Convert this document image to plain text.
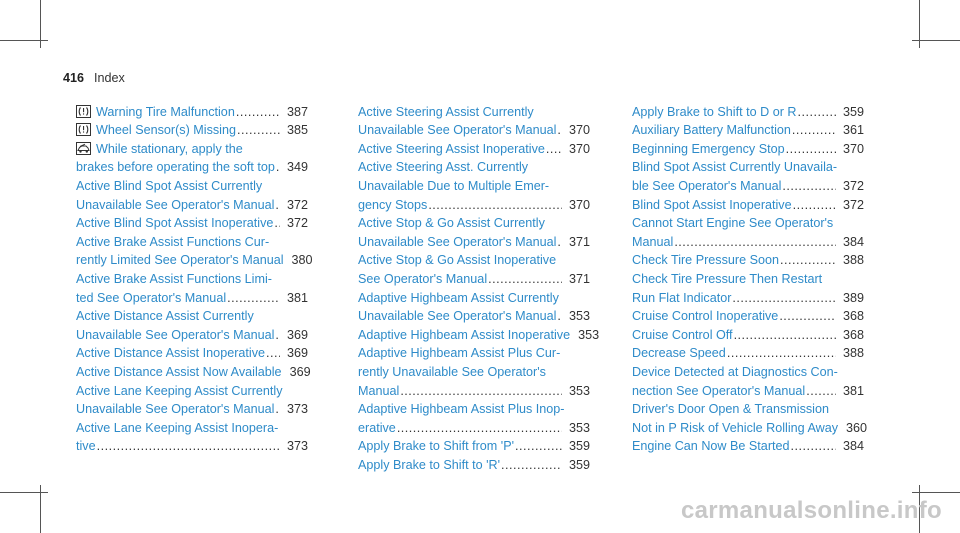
416 Index
Warning Tire Malfunction .....	387
Wheel Sensor(s) Missing .....	385
While stationary, apply the
brakes before operating the soft top ..... 349
Active Blind Spot Assist Currently
Unavailable See Operator's Manual ..... 372
Active Blind Spot Assist Inoperative .....	372
Active Brake Assist Functions Cur-
rently Limited See Operator's Manual 380
Active Brake Assist Functions Limi-
ted See Operator's Manual .....	381
Active Distance Assist Currently
Unavailable See Operator's Manual ..... 369
Active Distance Assist Inoperative .....	369
Active Distance Assist Now Available 369
Active Lane Keeping Assist Currently
Unavailable See Operator's Manual ..... 373
Active Lane Keeping Assist Inopera-
tive .....	373
Active Steering Assist Currently
Unavailable See Operator's Manual ..... 370
Active Steering Assist Inoperative .....	370
Active Steering Asst. Currently
Unavailable Due to Multiple Emer-
gency Stops .....	370
Active Stop & Go Assist Currently
Unavailable See Operator's Manual ..... 371
Active Stop & Go Assist Inoperative
See Operator's Manual .....	371
Adaptive Highbeam Assist Currently
Unavailable See Operator's Manual ..... 353
Adaptive Highbeam Assist Inoperative 353
Adaptive Highbeam Assist Plus Cur-
rently Unavailable See Operator's
Manual .....	353
Adaptive Highbeam Assist Plus Inop-
erative .....	353
Apply Brake to Shift from 'P' .....	359
Apply Brake to Shift to 'R' .....	359
Apply Brake to Shift to D or R .....	359
Auxiliary Battery Malfunction .....	361
Beginning Emergency Stop .....	370
Blind Spot Assist Currently Unavaila-
ble See Operator's Manual .....	372
Blind Spot Assist Inoperative .....	372
Cannot Start Engine See Operator's
Manual .....	384
Check Tire Pressure Soon .....	388
Check Tire Pressure Then Restart
Run Flat Indicator .....	389
Cruise Control Inoperative .....	368
Cruise Control Off .....	368
Decrease Speed .....	388
Device Detected at Diagnostics Con-
nection See Operator's Manual .....	381
Driver's Door Open & Transmission
Not in P Risk of Vehicle Rolling Away 360
Engine Can Now Be Started .....	384
carmanualsonline.info
